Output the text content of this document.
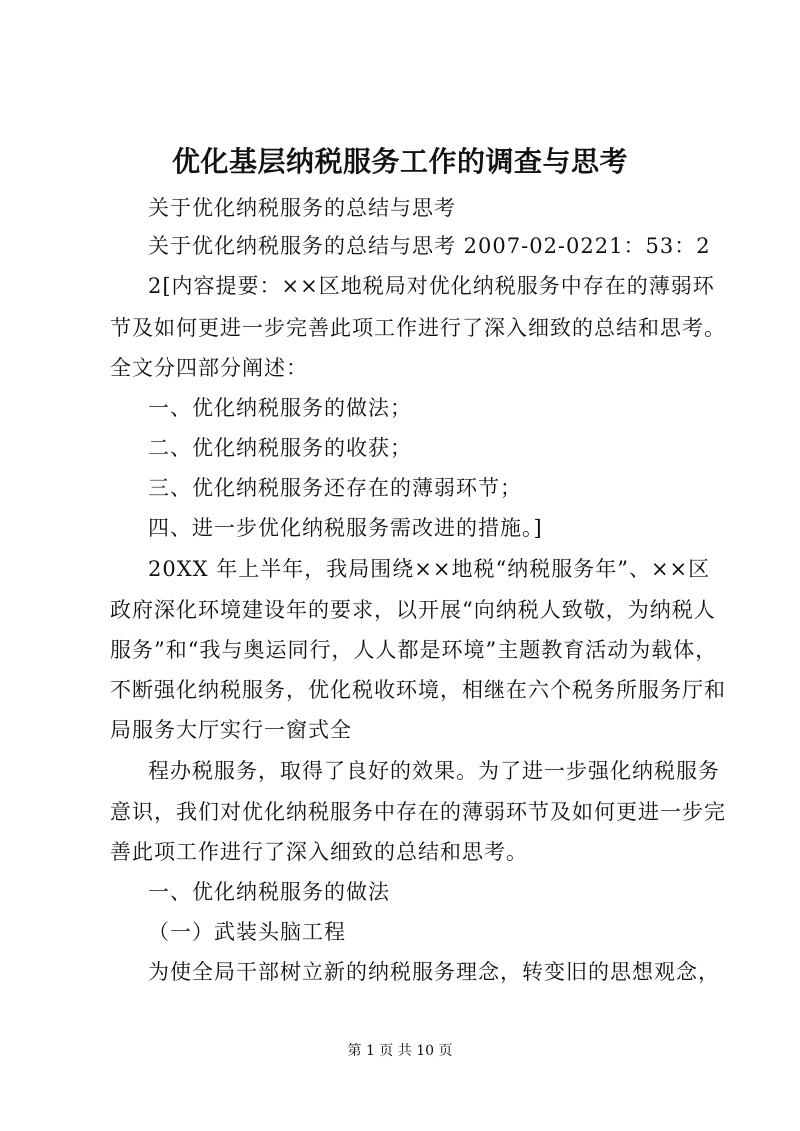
优化基层纳税服务工作的调查与思考

关于优化纳税服务的总结与思考

关于优化纳税服务的总结与思考 2007-02-0221：53：2

2[内容提要：××区地税局对优化纳税服务中存在的薄弱环

节及如何更进一步完善此项工作进行了深入细致的总结和思考。

全文分四部分阐述：

一、优化纳税服务的做法；

二、优化纳税服务的收获；

三、优化纳税服务还存在的薄弱环节；

四、进一步优化纳税服务需改进的措施。]

20XX 年上半年，我局围绕××地税“纳税服务年”、××区

政府深化环境建设年的要求，以开展“向纳税人致敬，为纳税人

服务”和“我与奥运同行，人人都是环境”主题教育活动为载体，

不断强化纳税服务，优化税收环境，相继在六个税务所服务厅和

局服务大厅实行一窗式全

程办税服务，取得了良好的效果。为了进一步强化纳税服务

意识，我们对优化纳税服务中存在的薄弱环节及如何更进一步完

善此项工作进行了深入细致的总结和思考。

一、优化纳税服务的做法

（一）武装头脑工程

为使全局干部树立新的纳税服务理念，转变旧的思想观念，

第 1 页 共 10 页
